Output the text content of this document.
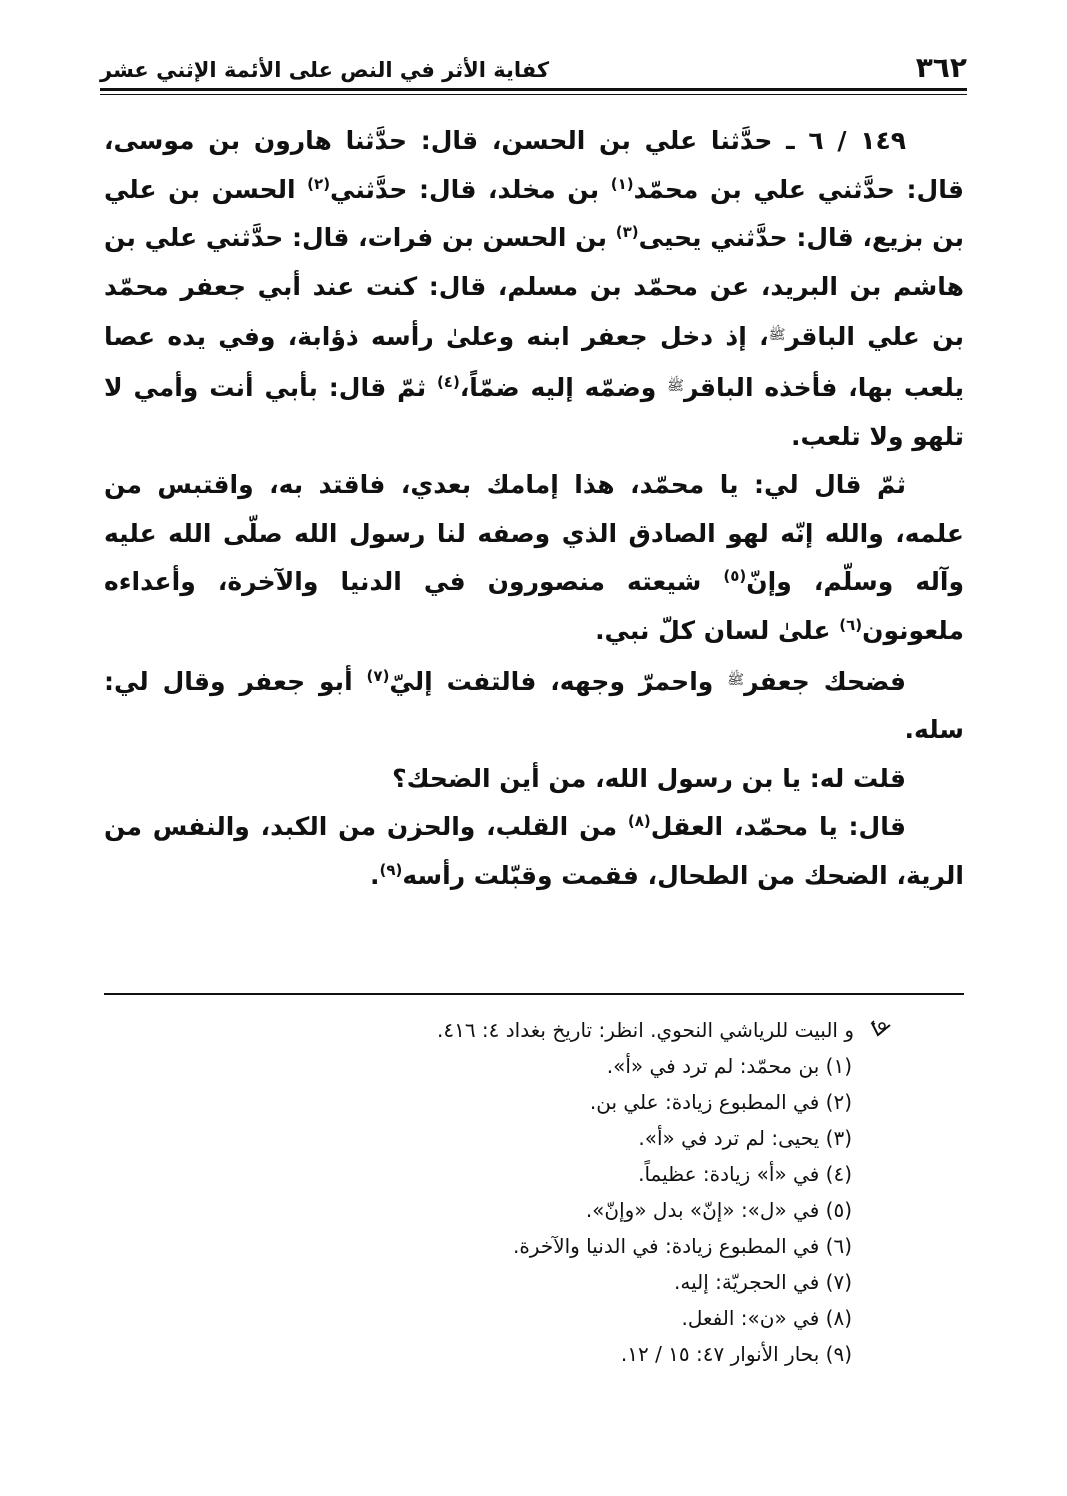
٣٦٢
كفاية الأثر في النص على الأئمة الإثني عشر

١٤٩ / ٦ ـ حدَّثنا علي بن الحسن، قال: حدَّثنا هارون بن موسى، قال: حدَّثني علي بن محمّد$^{(١)}$ بن مخلد، قال: حدَّثني$^{(٢)}$ الحسن بن علي بن بزيع، قال: حدَّثني يحيى$^{(٣)}$ بن الحسن بن فرات، قال: حدَّثني علي بن هاشم بن البريد، عن محمّد بن مسلم، قال: كنت عند أبي جعفر محمّد بن علي الباقر$^ﷺ$، إذ دخل جعفر ابنه وعلىٰ رأسه ذؤابة، وفي يده عصا يلعب بها، فأخذه الباقر$^ﷺ$ وضمّه إليه ضمّاً،$^{(٤)}$ ثمّ قال: بأبي أنت وأمي لا تلهو ولا تلعب.

ثمّ قال لي: يا محمّد، هذا إمامك بعدي، فاقتد به، واقتبس من علمه، والله إنّه لهو الصادق الذي وصفه لنا رسول الله صلّى الله عليه وآله وسلّم، وإنّ$^{(٥)}$ شيعته منصورون في الدنيا والآخرة، وأعداءه ملعونون$^{(٦)}$ علىٰ لسان كلّ نبي.

فضحك جعفر$^ﷺ$ واحمرّ وجهه، فالتفت إليّ$^{(٧)}$ أبو جعفر وقال لي: سله.

قلت له: يا بن رسول الله، من أين الضحك؟

قال: يا محمّد، العقل$^{(٨)}$ من القلب، والحزن من الكبد، والنفس من الرية، الضحك من الطحال، فقمت وقبّلت رأسه$^{(٩)}$.

و البيت للرياشي النحوي. انظر: تاريخ بغداد ٤: ٤١٦.

(١) بن محمّد: لم ترد في «أ».

(٢) في المطبوع زيادة: علي بن.

(٣) يحيى: لم ترد في «أ».

(٤) في «أ» زيادة: عظيماً.

(٥) في «ل»: «إنّ» بدل «وإنّ».

(٦) في المطبوع زيادة: في الدنيا والآخرة.

(٧) في الحجريّة: إليه.

(٨) في «ن»: الفعل.

(٩) بحار الأنوار ٤٧: ١٥ / ١٢.
